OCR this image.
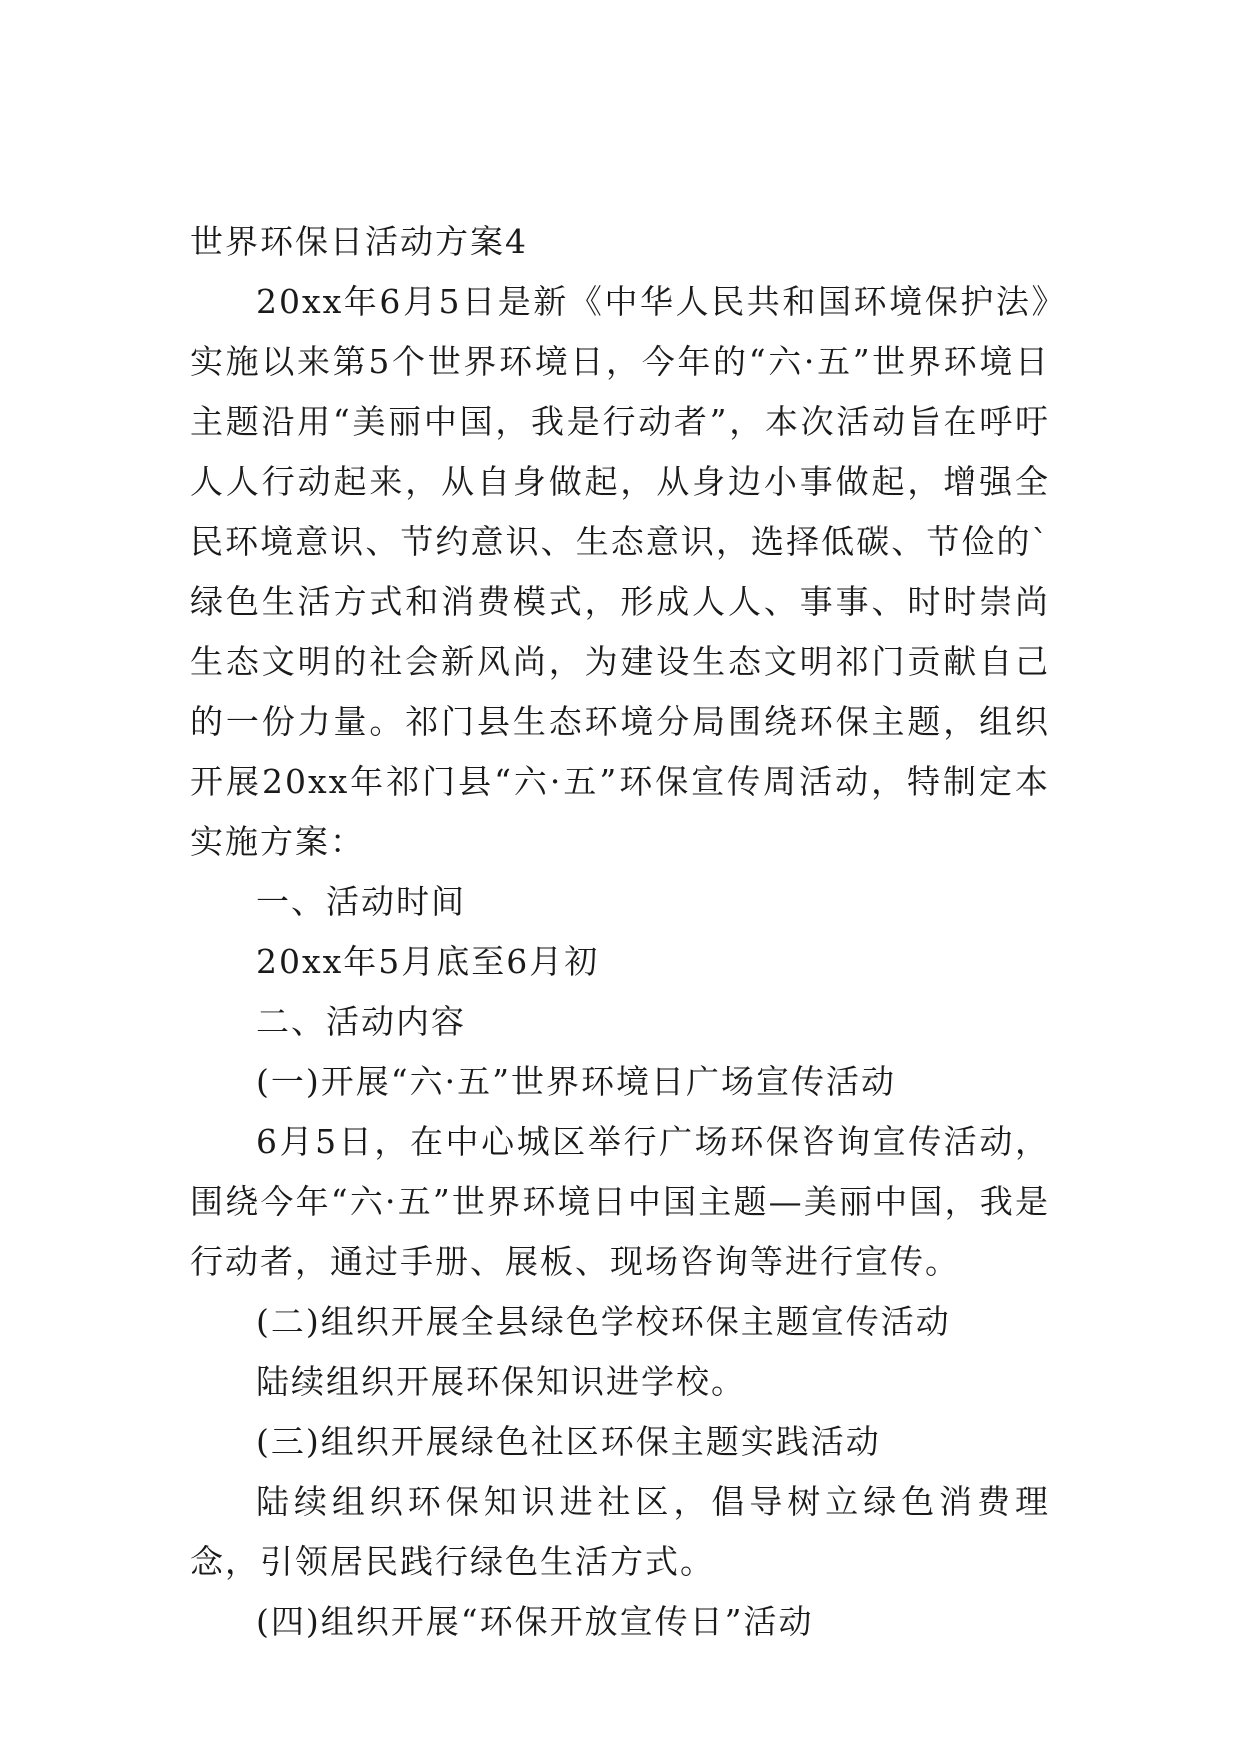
世界环保日活动方案4

20xx年6月5日是新《中华人民共和国环境保护法》实施以来第5个世界环境日，今年的“六·五”世界环境日主题沿用“美丽中国，我是行动者”，本次活动旨在呼吁人人行动起来，从自身做起，从身边小事做起，增强全民环境意识、节约意识、生态意识，选择低碳、节俭的`绿色生活方式和消费模式，形成人人、事事、时时崇尚生态文明的社会新风尚，为建设生态文明祁门贡献自己的一份力量。祁门县生态环境分局围绕环保主题，组织开展20xx年祁门县“六·五”环保宣传周活动，特制定本实施方案：

一、活动时间

20xx年5月底至6月初

二、活动内容

(一)开展“六·五”世界环境日广场宣传活动

6月5日，在中心城区举行广场环保咨询宣传活动，围绕今年“六·五”世界环境日中国主题—美丽中国，我是行动者，通过手册、展板、现场咨询等进行宣传。

(二)组织开展全县绿色学校环保主题宣传活动

陆续组织开展环保知识进学校。

(三)组织开展绿色社区环保主题实践活动

陆续组织环保知识进社区，倡导树立绿色消费理念，引领居民践行绿色生活方式。

(四)组织开展“环保开放宣传日”活动
